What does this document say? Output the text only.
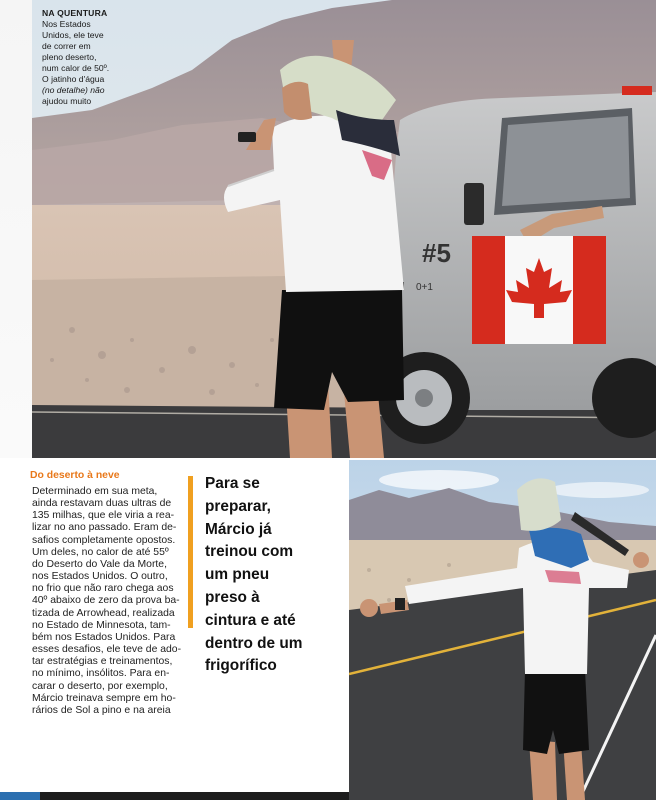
#5
0+1
NA QUENTURA
Nos Estados
Unidos, ele teve
de correr em
pleno deserto,
num calor de 50º.
O jatinho d'água
(no detalhe) não
ajudou muito
Do deserto à neve
Determinado em sua meta,
ainda restavam duas ultras de
135 milhas, que ele viria a rea-
lizar no ano passado. Eram de-
safios completamente opostos.
Um deles, no calor de até 55º
do Deserto do Vale da Morte,
nos Estados Unidos. O outro,
no frio que não raro chega aos
40º abaixo de zero da prova ba-
tizada de Arrowhead, realizada
no Estado de Minnesota, tam-
bém nos Estados Unidos. Para
esses desafios, ele teve de ado-
tar estratégias e treinamentos,
no mínimo, insólitos. Para en-
carar o deserto, por exemplo,
Márcio treinava sempre em ho-
rários de Sol a pino e na areia
Para se
preparar,
Márcio já
treinou com
um pneu
preso à
cintura e até
dentro de um
frigorífico
